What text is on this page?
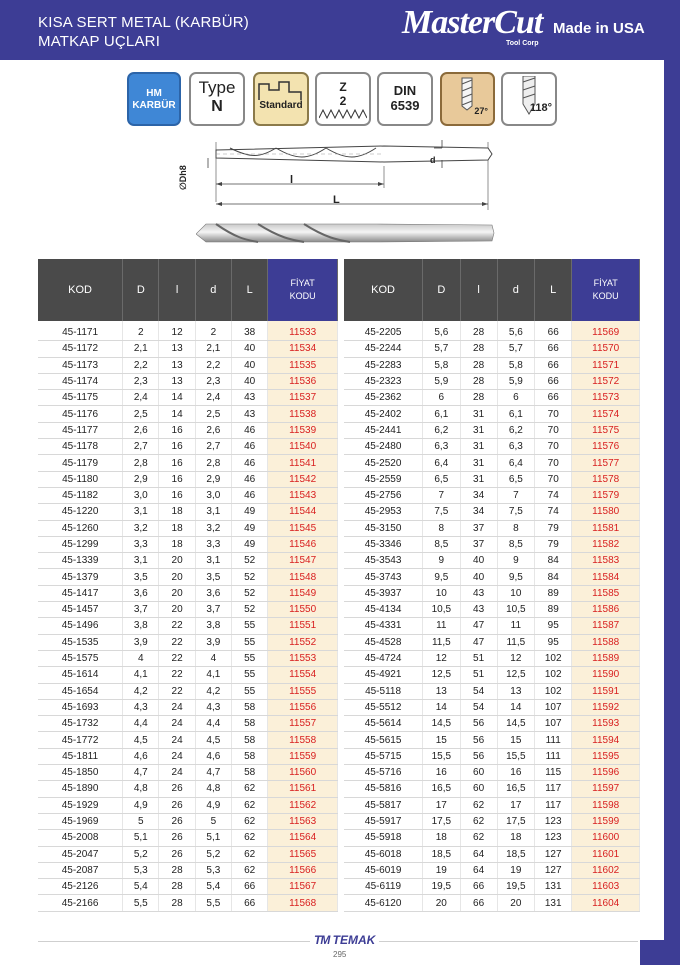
KISA SERT METAL (KARBÜR)
MATKAP UÇLARI
MasterCut
Tool Corp
Made in USA
HM
KARBÜR
Type
N	Standard
Z
2
DIN
6539	27°	118°
d
l
L
∅Dh8
KOD	D	l	d	L	FİYAT
KODU

45-1171	2	12	2	38	11533
45-1172	2,1	13	2,1	40	11534
45-1173	2,2	13	2,2	40	11535
45-1174	2,3	13	2,3	40	11536
45-1175	2,4	14	2,4	43	11537
45-1176	2,5	14	2,5	43	11538
45-1177	2,6	16	2,6	46	11539
45-1178	2,7	16	2,7	46	11540
45-1179	2,8	16	2,8	46	11541
45-1180	2,9	16	2,9	46	11542
45-1182	3,0	16	3,0	46	11543
45-1220	3,1	18	3,1	49	11544
45-1260	3,2	18	3,2	49	11545
45-1299	3,3	18	3,3	49	11546
45-1339	3,1	20	3,1	52	11547
45-1379	3,5	20	3,5	52	11548
45-1417	3,6	20	3,6	52	11549
45-1457	3,7	20	3,7	52	11550
45-1496	3,8	22	3,8	55	11551
45-1535	3,9	22	3,9	55	11552
45-1575	4	22	4	55	11553
45-1614	4,1	22	4,1	55	11554
45-1654	4,2	22	4,2	55	11555
45-1693	4,3	24	4,3	58	11556
45-1732	4,4	24	4,4	58	11557
45-1772	4,5	24	4,5	58	11558
45-1811	4,6	24	4,6	58	11559
45-1850	4,7	24	4,7	58	11560
45-1890	4,8	26	4,8	62	11561
45-1929	4,9	26	4,9	62	11562
45-1969	5	26	5	62	11563
45-2008	5,1	26	5,1	62	11564
45-2047	5,2	26	5,2	62	11565
45-2087	5,3	28	5,3	62	11566
45-2126	5,4	28	5,4	66	11567
45-2166	5,5	28	5,5	66	11568
KOD	D	l	d	L	FİYAT
KODU

45-2205	5,6	28	5,6	66	11569
45-2244	5,7	28	5,7	66	11570
45-2283	5,8	28	5,8	66	11571
45-2323	5,9	28	5,9	66	11572
45-2362	6	28	6	66	11573
45-2402	6,1	31	6,1	70	11574
45-2441	6,2	31	6,2	70	11575
45-2480	6,3	31	6,3	70	11576
45-2520	6,4	31	6,4	70	11577
45-2559	6,5	31	6,5	70	11578
45-2756	7	34	7	74	11579
45-2953	7,5	34	7,5	74	11580
45-3150	8	37	8	79	11581
45-3346	8,5	37	8,5	79	11582
45-3543	9	40	9	84	11583
45-3743	9,5	40	9,5	84	11584
45-3937	10	43	10	89	11585
45-4134	10,5	43	10,5	89	11586
45-4331	11	47	11	95	11587
45-4528	11,5	47	11,5	95	11588
45-4724	12	51	12	102	11589
45-4921	12,5	51	12,5	102	11590
45-5118	13	54	13	102	11591
45-5512	14	54	14	107	11592
45-5614	14,5	56	14,5	107	11593
45-5615	15	56	15	111	11594
45-5715	15,5	56	15,5	111	11595
45-5716	16	60	16	115	11596
45-5816	16,5	60	16,5	117	11597
45-5817	17	62	17	117	11598
45-5917	17,5	62	17,5	123	11599
45-5918	18	62	18	123	11600
45-6018	18,5	64	18,5	127	11601
45-6019	19	64	19	127	11602
45-6119	19,5	66	19,5	131	11603
45-6120	20	66	20	131	11604
TM TEMAK
295
